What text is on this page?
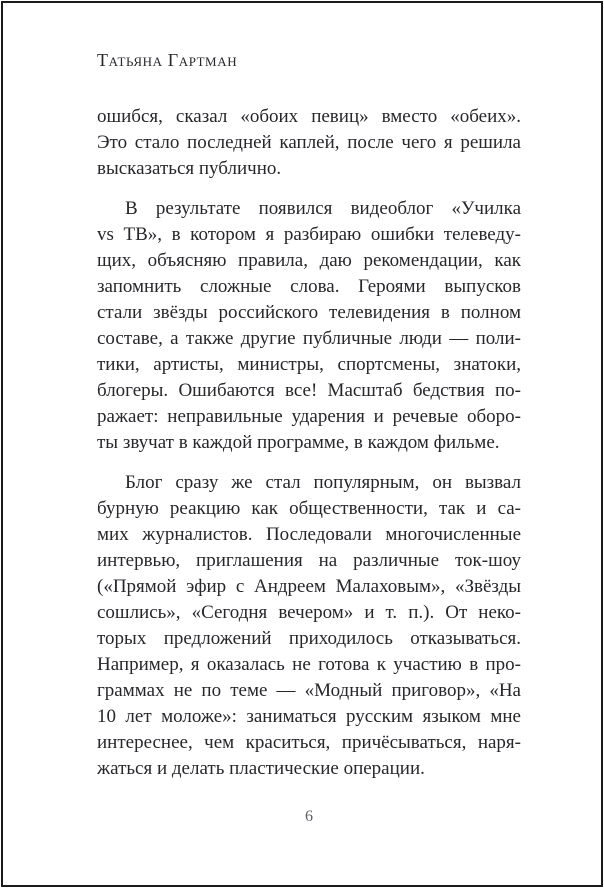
Татьяна Гартман
ошибся, сказал «обоих певиц» вместо «обеих».
Это стало последней каплей, после чего я решила
высказаться публично.
В результате появился видеоблог «Училка
vs ТВ», в котором я разбираю ошибки телеведу-
щих, объясняю правила, даю рекомендации, как
запомнить сложные слова. Героями выпусков
стали звёзды российского телевидения в полном
составе, а также другие публичные люди — поли-
тики, артисты, министры, спортсмены, знатоки,
блогеры. Ошибаются все! Масштаб бедствия по-
ражает: неправильные ударения и речевые оборо-
ты звучат в каждой программе, в каждом фильме.
Блог сразу же стал популярным, он вызвал
бурную реакцию как общественности, так и са-
мих журналистов. Последовали многочисленные
интервью, приглашения на различные ток-шоу
(«Прямой эфир с Андреем Малаховым», «Звёзды
сошлись», «Сегодня вечером» и т. п.). От неко-
торых предложений приходилось отказываться.
Например, я оказалась не готова к участию в про-
граммах не по теме — «Модный приговор», «На
10 лет моложе»: заниматься русским языком мне
интереснее, чем краситься, причёсываться, наря-
жаться и делать пластические операции.
6
